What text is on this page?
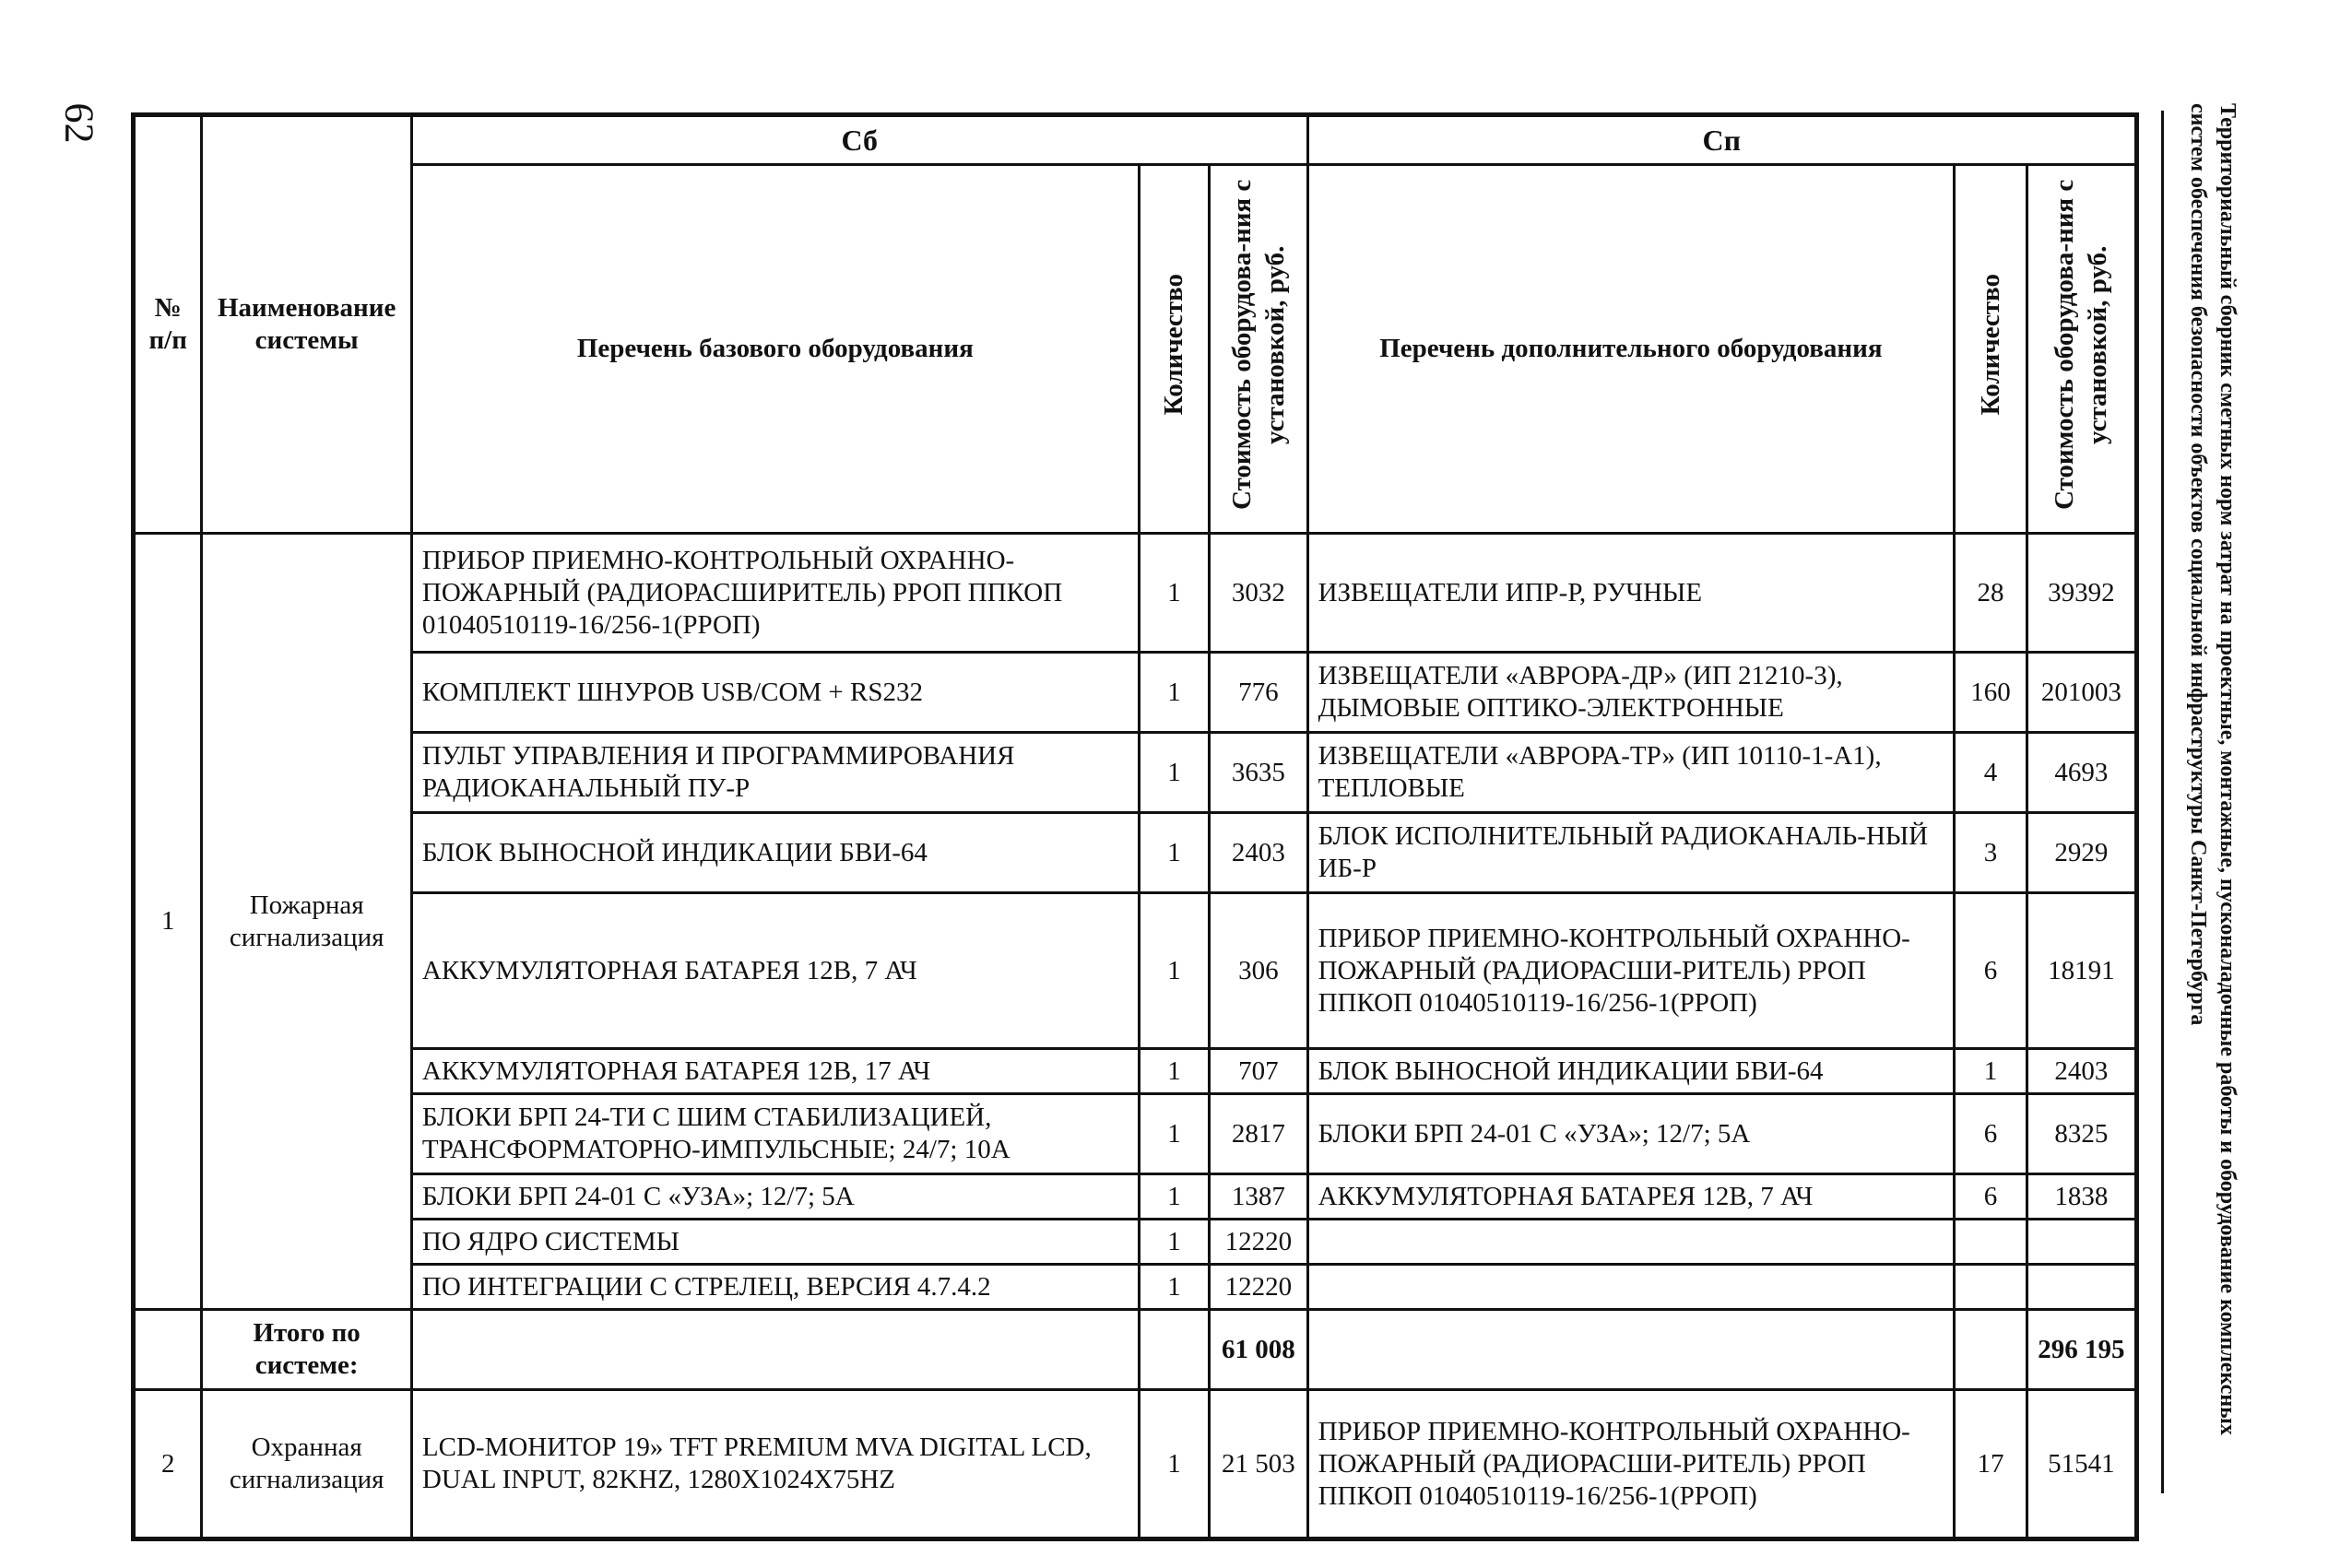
62	Территориальный сборник сметных норм затрат на проектные, монтажные, пусконаладочные работы и оборудование комплексных систем обеспечения безопасности объектов социальной инфраструктуры Санкт-Петербурга
№ п/п	Наименование системы	Сб			Сп		
		Перечень базового оборудования	Количество	Стоимость оборудова-ния с установкой, руб.	Перечень дополнительного оборудования	Количество	Стоимость оборудова-ния с установкой, руб.
1	Пожарная сигнализация	ПРИБОР ПРИЕМНО-КОНТРОЛЬНЫЙ ОХРАННО-ПОЖАРНЫЙ (РАДИОРАСШИРИТЕЛЬ) РРОП ППКОП 01040510119-16/256-1(РРОП)	1	3032	ИЗВЕЩАТЕЛИ ИПР-Р, РУЧНЫЕ	28	39392
		КОМПЛЕКТ ШНУРОВ USB/COM + RS232	1	776	ИЗВЕЩАТЕЛИ «АВРОРА-ДР» (ИП 21210-3), ДЫМОВЫЕ ОПТИКО-ЭЛЕКТРОННЫЕ	160	201003
		ПУЛЬТ УПРАВЛЕНИЯ И ПРОГРАММИРОВАНИЯ РАДИОКАНАЛЬНЫЙ ПУ-Р	1	3635	ИЗВЕЩАТЕЛИ «АВРОРА-ТР» (ИП 10110-1-А1), ТЕПЛОВЫЕ	4	4693
		БЛОК ВЫНОСНОЙ ИНДИКАЦИИ БВИ-64	1	2403	БЛОК ИСПОЛНИТЕЛЬНЫЙ РАДИОКАНАЛЬ-НЫЙ ИБ-Р	3	2929
		АККУМУЛЯТОРНАЯ БАТАРЕЯ 12В, 7 АЧ	1	306	ПРИБОР ПРИЕМНО-КОНТРОЛЬНЫЙ ОХРАННО-ПОЖАРНЫЙ (РАДИОРАСШИ-РИТЕЛЬ) РРОП ППКОП 01040510119-16/256-1(РРОП)	6	18191
		АККУМУЛЯТОРНАЯ БАТАРЕЯ 12В, 17 АЧ	1	707	БЛОК ВЫНОСНОЙ ИНДИКАЦИИ БВИ-64	1	2403
		БЛОКИ БРП 24-ТИ С ШИМ СТАБИЛИЗАЦИЕЙ, ТРАНСФОРМАТОРНО-ИМПУЛЬСНЫЕ; 24/7; 10А	1	2817	БЛОКИ БРП 24-01 С «УЗА»; 12/7; 5А	6	8325
		БЛОКИ БРП 24-01 С «УЗА»; 12/7; 5А	1	1387	АККУМУЛЯТОРНАЯ БАТАРЕЯ 12В, 7 АЧ	6	1838
		ПО ЯДРО СИСТЕМЫ	1	12220			
		ПО ИНТЕГРАЦИИ С СТРЕЛЕЦ, ВЕРСИЯ 4.7.4.2	1	12220			
	Итого по системе:			61 008			296 195
2	Охранная сигнализация	LCD-МОНИТОР 19» TFT PREMIUM MVA DIGITAL LCD, DUAL INPUT, 82KHZ, 1280X1024X75HZ	1	21 503	ПРИБОР ПРИЕМНО-КОНТРОЛЬНЫЙ ОХРАННО-ПОЖАРНЫЙ (РАДИОРАСШИ-РИТЕЛЬ) РРОП ППКОП 01040510119-16/256-1(РРОП)	17	51541
